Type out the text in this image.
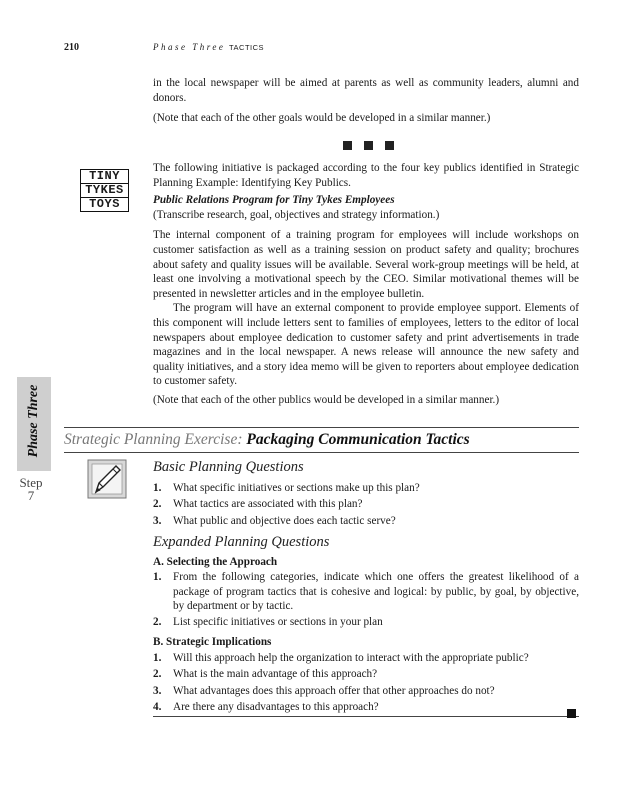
210	Phase Three TACTICS

in the local newspaper will be aimed at parents as well as community leaders, alumni and donors.

(Note that each of the other goals would be developed in a similar manner.)

TINY
TYKES
TOYS

The following initiative is packaged according to the four key publics identified in Strategic Planning Example: Identifying Key Publics.

Public Relations Program for Tiny Tykes Employees

(Transcribe research, goal, objectives and strategy information.)

The internal component of a training program for employees will include workshops on customer satisfaction as well as a training session on product safety and quality; brochures about safety and quality issues will be available. Several work-group meetings will be held, at least one involving a motivational speech by the CEO. Similar motivational themes will be presented in newsletter articles and in the employee bulletin.

The program will have an external component to provide employee support. Elements of this component will include letters sent to families of employees, letters to the editor of local newspapers about employee dedication to customer safety and print advertisements in trade magazines and in the local newspaper. A news release will announce the new safety and quality initiatives, and a story idea memo will be given to reporters about employee dedication to customer safety.

(Note that each of the other publics would be developed in a similar manner.)

Phase Three
Step
7
Strategic Planning Exercise: Packaging Communication Tactics
Basic Planning Questions
1. What specific initiatives or sections make up this plan?
2. What tactics are associated with this plan?
3. What public and objective does each tactic serve?
Expanded Planning Questions
A. Selecting the Approach
1. From the following categories, indicate which one offers the greatest likelihood of a package of program tactics that is cohesive and logical: by public, by goal, by objective, by department or by tactic.
2. List specific initiatives or sections in your plan
B. Strategic Implications
1. Will this approach help the organization to interact with the appropriate public?
2. What is the main advantage of this approach?
3. What advantages does this approach offer that other approaches do not?
4. Are there any disadvantages to this approach?
